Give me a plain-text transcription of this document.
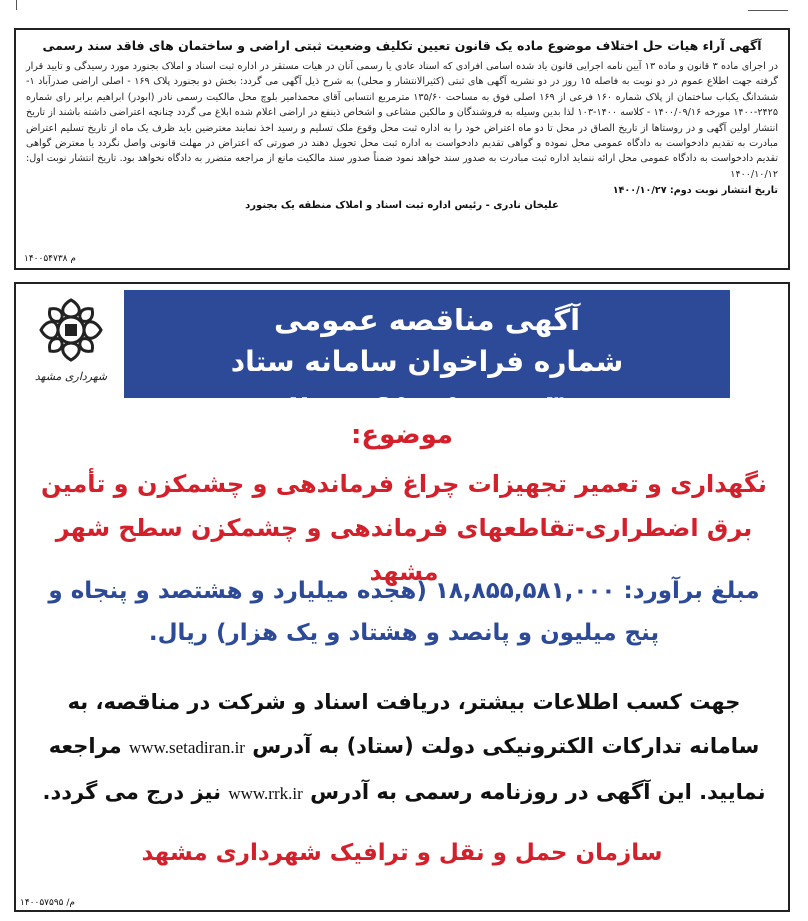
آگهی آراء هیات حل اختلاف موضوع ماده یک قانون تعیین تکلیف وضعیت ثبتی اراضی و ساختمان های فاقد سند رسمی
در اجرای ماده ۳ قانون و ماده ۱۳ آیین نامه اجرایی قانون یاد شده اسامی افرادی که اسناد عادی یا رسمی آنان در هیات مستقر در اداره ثبت اسناد و املاک بجنورد مورد رسیدگی و تایید قرار گرفته جهت اطلاع عموم در دو نوبت به فاصله ۱۵ روز در دو نشریه آگهی های ثبتی (کثیرالانتشار و محلی) به شرح ذیل آگهی می گردد: بخش دو بجنورد پلاک ۱۶۹ - اصلی اراضی صدرآباد ۱- ششدانگ یکباب ساختمان از پلاک شماره ۱۶۰ فرعی از ۱۶۹ اصلی فوق به مساحت ۱۳۵/۶۰ مترمربع انتسابی آقای محمدامیر بلوچ محل مالکیت رسمی نادر (ابودر) ابراهیم برابر رای شماره ۲۴۲۵-۱۴۰۰ مورخه ۱۴۰۰/۰۹/۱۶ - کلاسه ۱۴۰۰-۱۰۳ لذا بدین وسیله به فروشندگان و مالکین مشاعی و اشخاص ذینفع در اراضی اعلام شده ابلاغ می گردد چنانچه اعتراضی داشته باشند از تاریخ انتشار اولین آگهی و در روستاها از تاریخ الصاق در محل تا دو ماه اعتراض خود را به اداره ثبت محل وقوع ملک تسلیم و رسید اخذ نمایند معترضین باید ظرف یک ماه از تاریخ تسلیم اعتراض مبادرت به تقدیم دادخواست به دادگاه عمومی محل نموده و گواهی تقدیم دادخواست به اداره ثبت محل تحویل دهند در صورتی که اعتراض در مهلت قانونی واصل نگردد یا معترض گواهی تقدیم دادخواست به دادگاه عمومی محل ارائه ننماید اداره ثبت مبادرت به صدور سند خواهد نمود ضمناً صدور سند مالکیت مانع از مراجعه متضرر به دادگاه نخواهد بود. تاریخ انتشار نوبت اول: ۱۴۰۰/۱۰/۱۲
تاریخ انتشار نوبت دوم: ۱۴۰۰/۱۰/۲۷
علیخان نادری - رئیس اداره ثبت اسناد و املاک منطقه یک بجنورد
۱۴۰۰۵۴۷۳۸ م
شهرداری مشهد
آگهی مناقصه عمومی
شماره فراخوان سامانه ستاد ۲۰۰۰۰۹۵۰۰۵۰۰۰۰۰۳
موضوع:
نگهداری و تعمیر تجهیزات چراغ فرماندهی و چشمکزن و تأمین برق اضطراری-تقاطعهای فرماندهی و چشمکزن سطح شهر مشهد
مبلغ برآورد: ۱۸,۸۵۵,۵۸۱,۰۰۰ (هجده میلیارد و هشتصد و پنجاه و پنج میلیون و پانصد و هشتاد و یک هزار) ریال.
جهت کسب اطلاعات بیشتر، دریافت اسناد و شرکت در مناقصه، به سامانه تدارکات الکترونیکی دولت (ستاد) به آدرس www.setadiran.ir مراجعه نمایید. این آگهی در روزنامه رسمی به آدرس www.rrk.ir نیز درج می گردد.
سازمان حمل و نقل و ترافیک شهرداری مشهد
۱۴۰۰۵۷۵۹۵ /م
